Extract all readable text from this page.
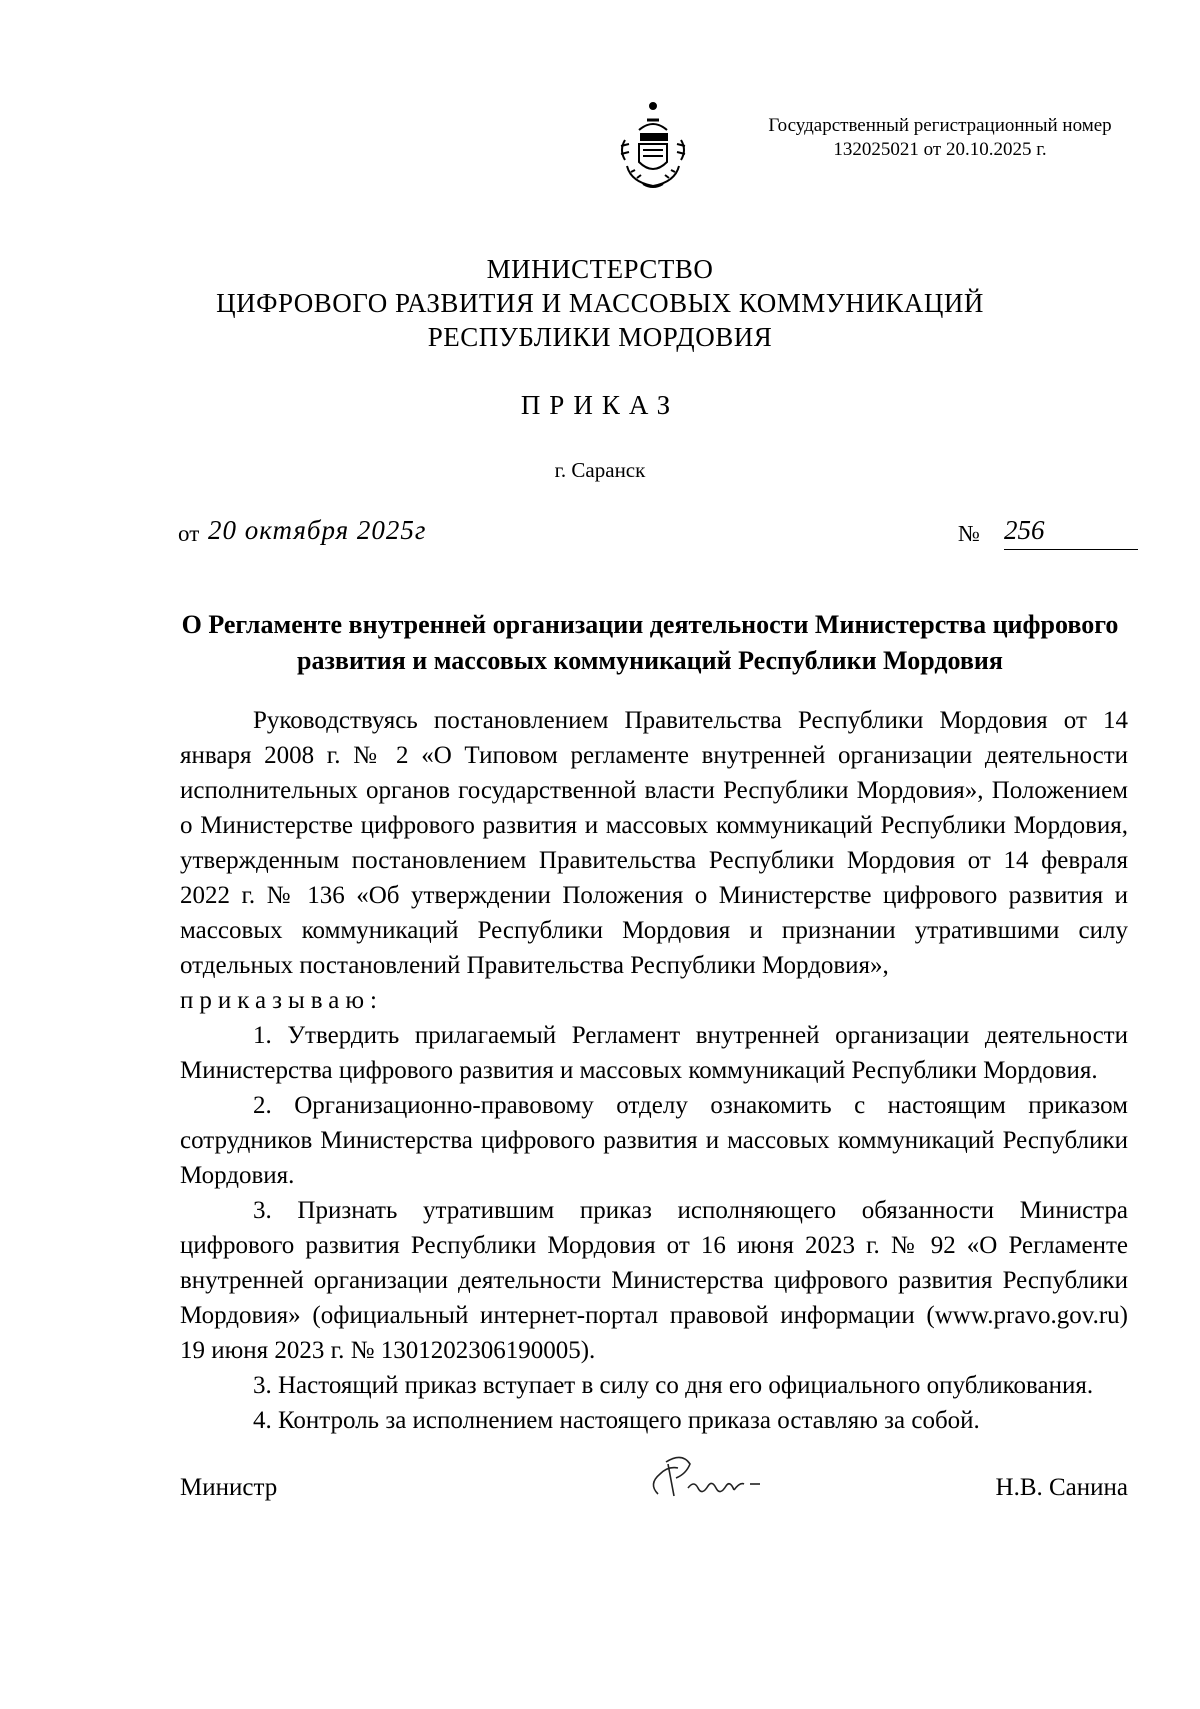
Государственный регистрационный номер
132025021 от 20.10.2025 г.
МИНИСТЕРСТВО
ЦИФРОВОГО РАЗВИТИЯ И МАССОВЫХ КОММУНИКАЦИЙ
РЕСПУБЛИКИ МОРДОВИЯ
ПРИКАЗ
г. Саранск
от 20 октября 2025г	№ 256
О Регламенте внутренней организации деятельности Министерства цифрового развития и массовых коммуникаций Республики Мордовия

Руководствуясь постановлением Правительства Республики Мордовия от 14 января 2008 г. № 2 «О Типовом регламенте внутренней организации деятельности исполнительных органов государственной власти Республики Мордовия», Положением о Министерстве цифрового развития и массовых коммуникаций Республики Мордовия, утвержденным постановлением Правительства Республики Мордовия от 14 февраля 2022 г. № 136 «Об утверждении Положения о Министерстве цифрового развития и массовых коммуникаций Республики Мордовия и признании утратившими силу отдельных постановлений Правительства Республики Мордовия»,

приказываю:

1. Утвердить прилагаемый Регламент внутренней организации деятельности Министерства цифрового развития и массовых коммуникаций Республики Мордовия.

2. Организационно-правовому отделу ознакомить с настоящим приказом сотрудников Министерства цифрового развития и массовых коммуникаций Республики Мордовия.

3. Признать утратившим приказ исполняющего обязанности Министра цифрового развития Республики Мордовия от 16 июня 2023 г. № 92 «О Регламенте внутренней организации деятельности Министерства цифрового развития Республики Мордовия» (официальный интернет-портал правовой информации (www.pravo.gov.ru) 19 июня 2023 г. № 1301202306190005).

3. Настоящий приказ вступает в силу со дня его официального опубликования.

4. Контроль за исполнением настоящего приказа оставляю за собой.

Министр	Н.В. Санина
